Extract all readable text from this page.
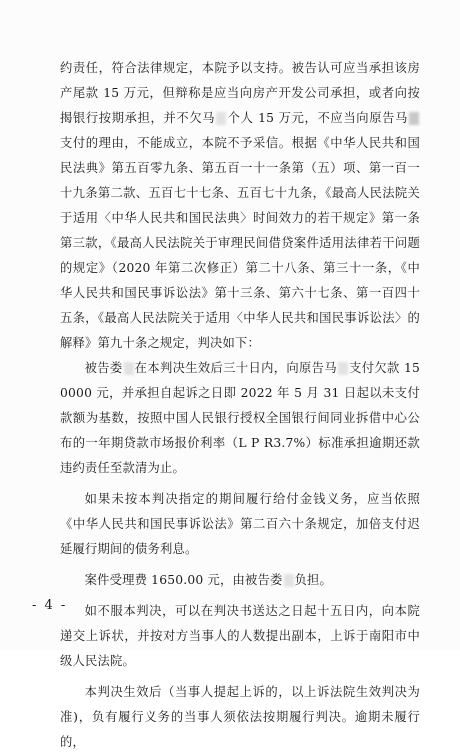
约责任，符合法律规定，本院予以支持。被告认可应当承担该房产尾款 15 万元，但辩称是应当向房产开发公司承担，或者向按揭银行按期承担，并不欠马 个人 15 万元，不应当向原告马支付的理由，不能成立，本院不予采信。根据《中华人民共和国民法典》第五百零九条、第五百一十一条第（五）项、第一百一十九条第二款、五百七十七条、五百七十九条，《最高人民法院关于适用〈中华人民共和国民法典〉时间效力的若干规定》第一条第三款，《最高人民法院关于审理民间借贷案件适用法律若干问题的规定》（2020 年第二次修正）第二十八条、第三十一条，《中华人民共和国民事诉讼法》第十三条、第六十七条、第一百四十五条，《最高人民法院关于适用〈中华人民共和国民事诉讼法〉的解释》第九十条之规定，判决如下：

被告娄 在本判决生效后三十日内，向原告马 支付欠款 150000 元，并承担自起诉之日即 2022 年 5 月 31 日起以未支付款额为基数，按照中国人民银行授权全国银行间同业拆借中心公布的一年期贷款市场报价利率（L P R3.7%）标准承担逾期还款违约责任至款清为止。

如果未按本判决指定的期间履行给付金钱义务，应当依照《中华人民共和国民事诉讼法》第二百六十条规定，加倍支付迟延履行期间的债务利息。

案件受理费 1650.00 元，由被告娄 负担。

如不服本判决，可以在判决书送达之日起十五日内，向本院递交上诉状，并按对方当事人的人数提出副本，上诉于南阳市中级人民法院。

本判决生效后（当事人提起上诉的，以上诉法院生效判决为准)，负有履行义务的当事人须依法按期履行判决。逾期未履行的，

- 4 -
